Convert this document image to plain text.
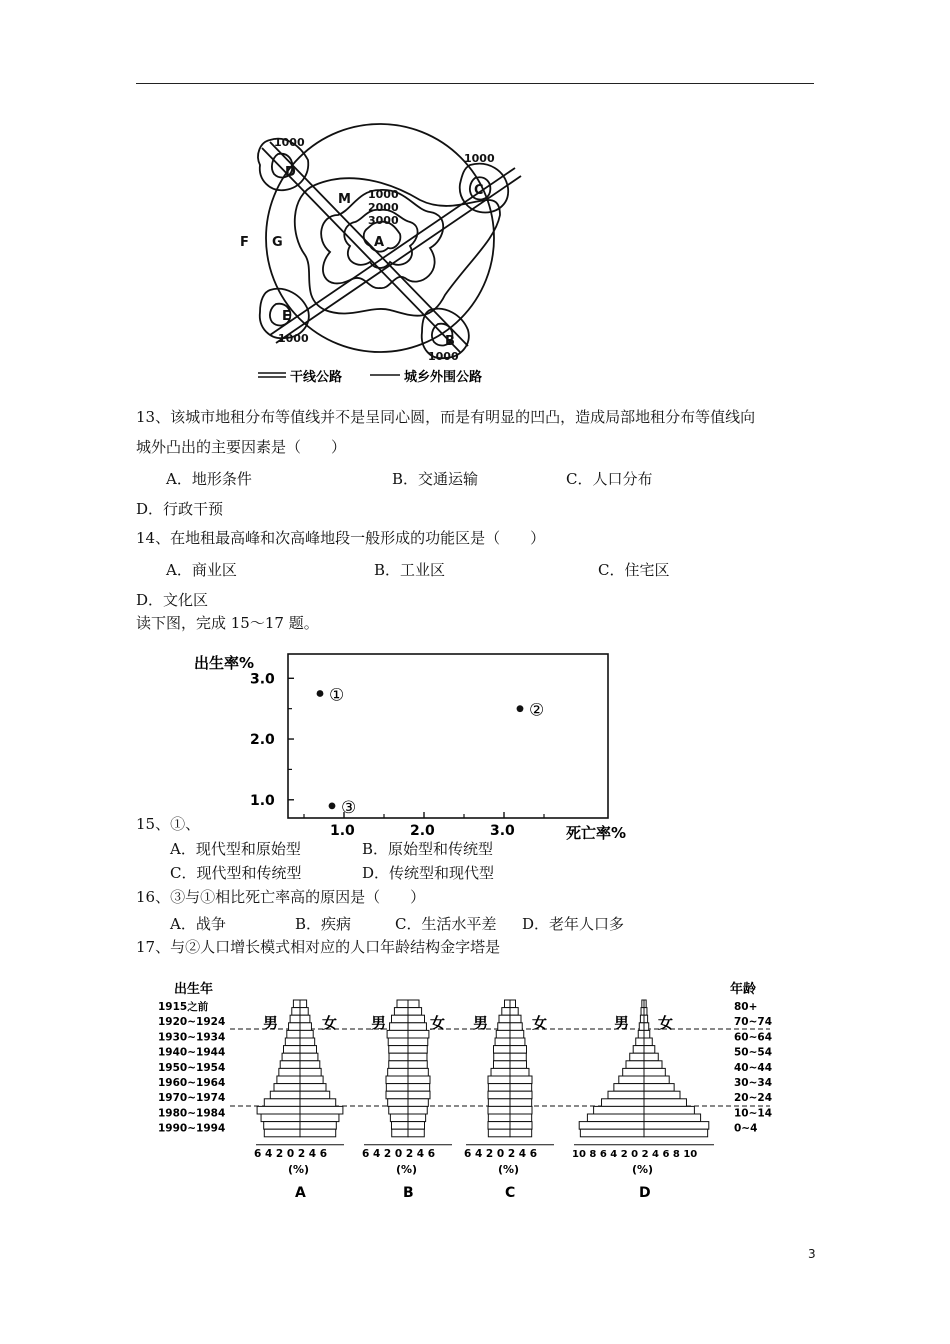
A
B
C
D
E
F G
M
1000
1000
1000
1000
1000
2000
3000
干线公路	城乡外围公路
13、该城市地租分布等值线并不是呈同心圆，而是有明显的凹凸，造成局部地租分布等值线向
城外凸出的主要因素是（　　）
A．地形条件	B．交通运输	C．人口分布
D．行政干预
14、在地租最高峰和次高峰地段一般形成的功能区是（　　）
A．商业区	B．工业区	C．住宅区
D．文化区
读下图，完成 15～17 题。
出生率%
死亡率%
1.0	2.0	3.0
1.0
2.0
3.0
①
②
③
15、①、
A．现代型和原始型	B．原始型和传统型
C．现代型和传统型	D．传统型和现代型
16、③与①相比死亡率高的原因是（　　）
A．战争	B．疾病	C．生活水平差 D．老年人口多
17、与②人口增长模式相对应的人口年龄结构金字塔是
出生年	年龄
1915之前
1920~1924
1930~1934
1940~1944
1950~1954
1960~1964
1970~1974
1980~1984
1990~1994
80+
70~74
60~64
50~54
40~44
30~34
20~24
10~14
0~4
6 4 2 0 2 4 6
(%)
A
男	女
6 4 2 0 2 4 6
(%)
B
男	女
6 4 2 0 2 4 6
(%)
C
男	女
10 8 6 4 2 0 2 4 6 8 10
(%)
D
男 女
3
